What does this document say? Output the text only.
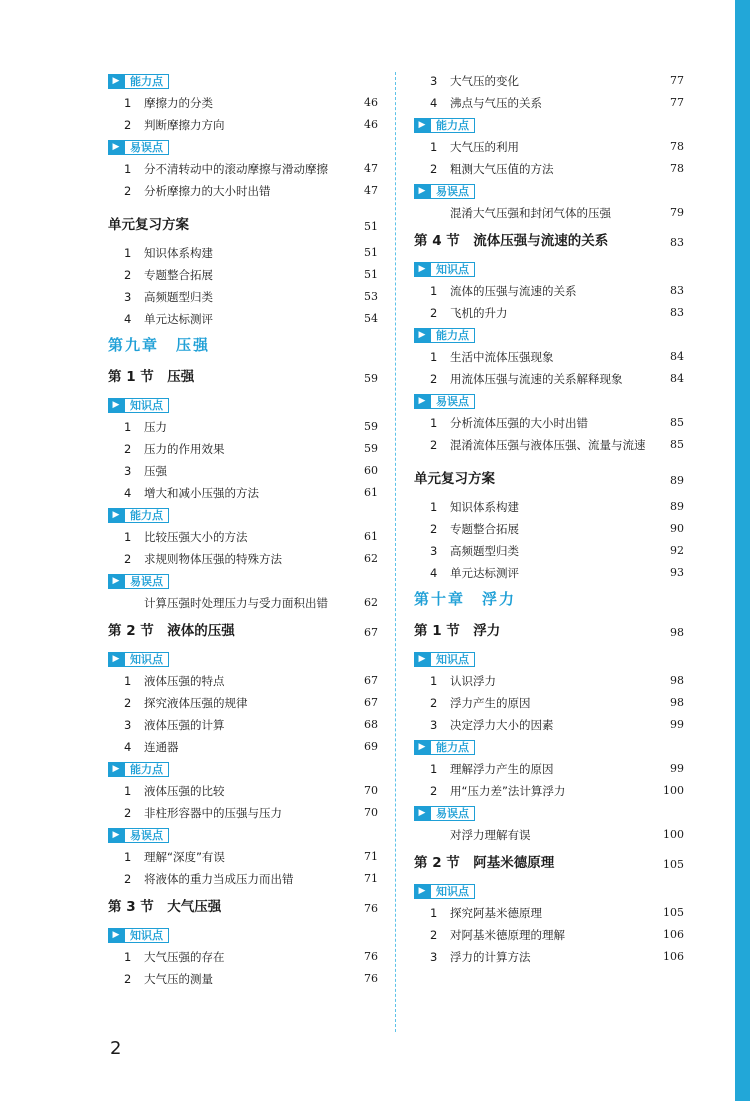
▶ 能力点
1 摩擦力的分类	46
2 判断摩擦力方向	46
▶ 易误点
1 分不清转动中的滚动摩擦与滑动摩擦	47
2 分析摩擦力的大小时出错	47
单元复习方案	51
1 知识体系构建	51
2 专题整合拓展	51
3 高频题型归类	53
4 单元达标测评	54
第九章　压强
第 1 节　压强	59
▶ 知识点
1 压力	59
2 压力的作用效果	59
3 压强	60
4 增大和减小压强的方法	61
▶ 能力点
1 比较压强大小的方法	61
2 求规则物体压强的特殊方法	62
▶ 易误点
计算压强时处理压力与受力面积出错	62
第 2 节　液体的压强	67
▶ 知识点
1 液体压强的特点	67
2 探究液体压强的规律	67
3 液体压强的计算	68
4 连通器	69
▶ 能力点
1 液体压强的比较	70
2 非柱形容器中的压强与压力	70
▶ 易误点
1 理解“深度”有误	71
2 将液体的重力当成压力而出错	71
第 3 节　大气压强	76
▶ 知识点
1 大气压强的存在	76
2 大气压的测量	76
3 大气压的变化	77
4 沸点与气压的关系	77
▶ 能力点
1 大气压的利用	78
2 粗测大气压值的方法	78
▶ 易误点
混淆大气压强和封闭气体的压强	79
第 4 节　流体压强与流速的关系	83
▶ 知识点
1 流体的压强与流速的关系	83
2 飞机的升力	83
▶ 能力点
1 生活中流体压强现象	84
2 用流体压强与流速的关系解释现象	84
▶ 易误点
1 分析流体压强的大小时出错	85
2 混淆流体压强与液体压强、流量与流速 85
单元复习方案	89
1 知识体系构建	89
2 专题整合拓展	90
3 高频题型归类	92
4 单元达标测评	93
第十章　浮力
第 1 节　浮力	98
▶ 知识点
1 认识浮力	98
2 浮力产生的原因	98
3 决定浮力大小的因素	99
▶ 能力点
1 理解浮力产生的原因	99
2 用“压力差”法计算浮力	100
▶ 易误点
对浮力理解有误	100
第 2 节　阿基米德原理	105
▶ 知识点
1 探究阿基米德原理	105
2 对阿基米德原理的理解	106
3 浮力的计算方法	106
2
